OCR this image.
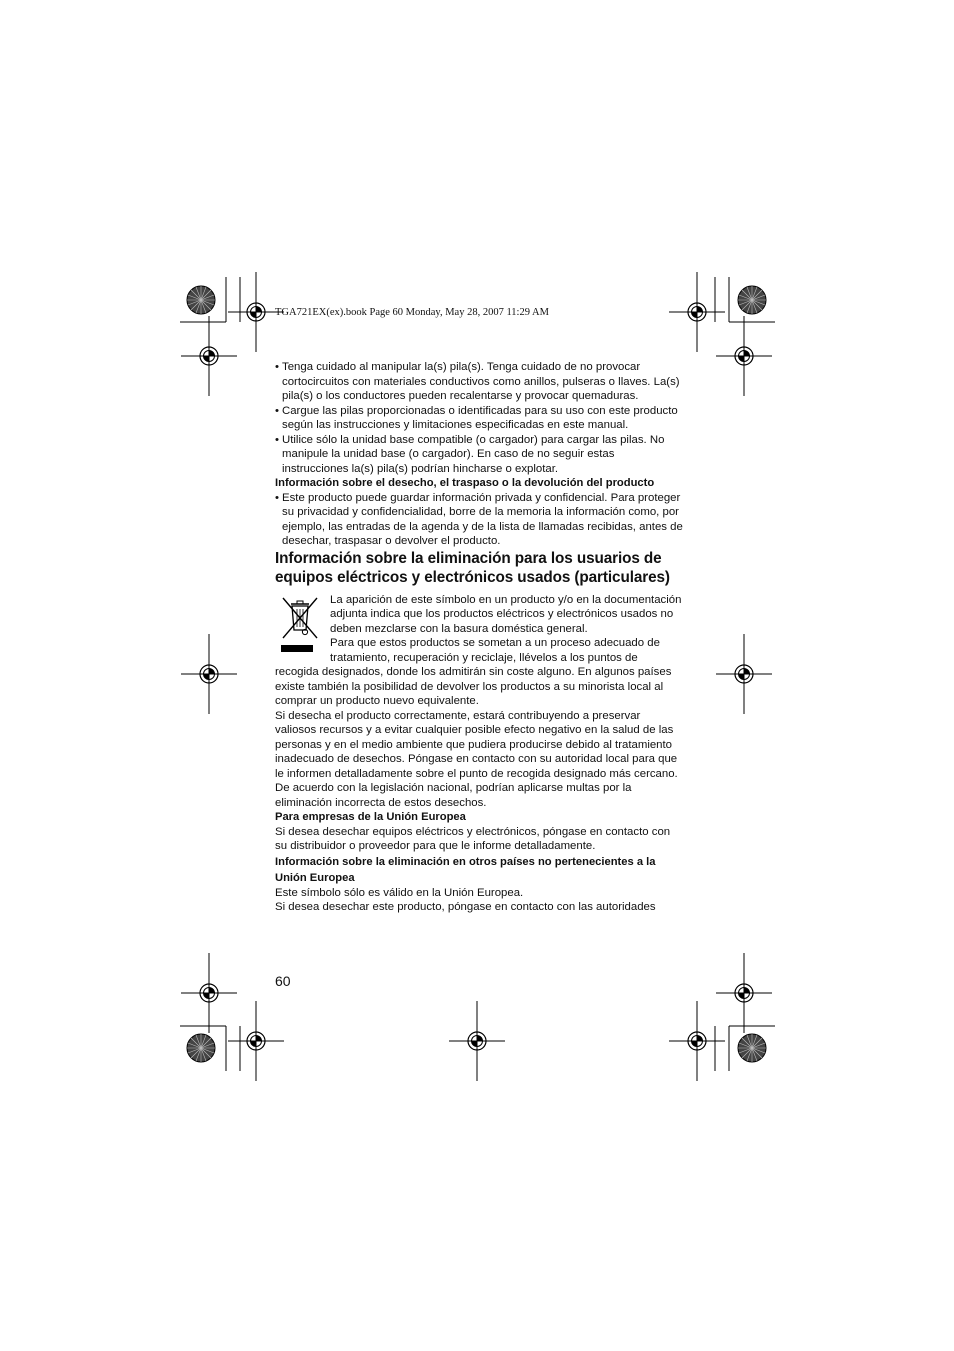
TGA721EX(ex).book Page 60 Monday, May 28, 2007 11:29 AM

• Tenga cuidado al manipular la(s) pila(s). Tenga cuidado de no provocar cortocircuitos con materiales conductivos como anillos, pulseras o llaves. La(s) pila(s) o los conductores pueden recalentarse y provocar quemaduras.

• Cargue las pilas proporcionadas o identificadas para su uso con este producto según las instrucciones y limitaciones especificadas en este manual.

• Utilice sólo la unidad base compatible (o cargador) para cargar las pilas. No manipule la unidad base (o cargador). En caso de no seguir estas instrucciones la(s) pila(s) podrían hincharse o explotar.

Información sobre el desecho, el traspaso o la devolución del producto

• Este producto puede guardar información privada y confidencial. Para proteger su privacidad y confidencialidad, borre de la memoria la información como, por ejemplo, las entradas de la agenda y de la lista de llamadas recibidas, antes de desechar, traspasar o devolver el producto.

Información sobre la eliminación para los usuarios de equipos eléctricos y electrónicos usados (particulares)

La aparición de este símbolo en un producto y/o en la documentación adjunta indica que los productos eléctricos y electrónicos usados no deben mezclarse con la basura doméstica general.

Para que estos productos se sometan a un proceso adecuado de tratamiento, recuperación y reciclaje, llévelos a los puntos de recogida designados, donde los admitirán sin coste alguno. En algunos países existe también la posibilidad de devolver los productos a su minorista local al comprar un producto nuevo equivalente.

Si desecha el producto correctamente, estará contribuyendo a preservar valiosos recursos y a evitar cualquier posible efecto negativo en la salud de las personas y en el medio ambiente que pudiera producirse debido al tratamiento inadecuado de desechos. Póngase en contacto con su autoridad local para que le informen detalladamente sobre el punto de recogida designado más cercano.

De acuerdo con la legislación nacional, podrían aplicarse multas por la eliminación incorrecta de estos desechos.

Para empresas de la Unión Europea

Si desea desechar equipos eléctricos y electrónicos, póngase en contacto con su distribuidor o proveedor para que le informe detalladamente.

Información sobre la eliminación en otros países no pertenecientes a la Unión Europea

Este símbolo sólo es válido en la Unión Europea.

Si desea desechar este producto, póngase en contacto con las autoridades

60
